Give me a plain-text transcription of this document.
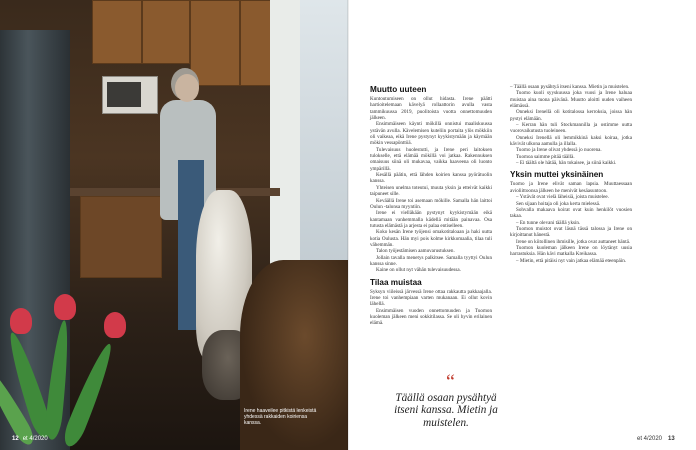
Irene haaveilee pitkistä lenkeistä yhdessä rakkaiden koiriensa kanssa.
12 et 4/2020
Muutto uuteen

Kuntoutumiseen on ollut hidasta. Irene päätti hartioitelemaan kävelyä rollaattorin avulla vasta tammikuussa 2019, puolitoista vuotta onnettomuuden jälkeen.

Ensimmäiseen käynti mökillä onnistui maaliskuussa ystävän avulla. Kävelemisen kuteliin portaita ylös mökkiin oli vaikeaa, eikä Irene pystynyt kyykistymään ja käymään mökin vessapönttöä.

Tulevaisuus huolestutti, ja Irene peri laitoksen tulokselle, että elämää mökillä voi jatkaa. Rakennuksen omaisuus siinä oli mukavaa, vaikka haaveena oli luonto ympärillä.

Kesällä päätin, että lähden koirien kanssa pyörätuolin kanssa.

Yhteisen unelma toteutui, muuta yksin ja etteivät kaikki taipuneet sille.

Keväällä Irene toi asemaan mökille. Samalla hän laittoi Oulun -talonsa myyntiin.

Irene ei vielläkään pystynyt kyykistymään eikä kantamaan vanhemmalla kädellä mitään painavaa. Osa tutusta elämästä ja arjesta ei palaa entiselleen.

Koko kesän Irene työjensi omakotitaloaan ja haki uutta kotia Oulusta. Hän myi pois kolme kirkkomaalia, tilaa tuli vähemmän.

Talon työjestämisen aamuvarustuksen.

Jollain tavalla menetys palkitsee. Samalla tyyttyi Oulun kanssa sinne.

Kaine on ollut nyt vähän tulevaisuudessa.

Tilaa muistaa

Syksyn viileissä järvessä Irene ottaa rakkautta pakkaajalla. Irene toi vanhempiaan varten mukanaan. Ei ollut kovin lähellä.

Ensimmäisen vuoden onnettomuuden ja Tuomon kuoleman jälkeen meni sokkitilassa. Se oli hyvin erilainen elämä.

“
Täällä osaan pysähtyä itseni kanssa. Mietin ja muistelen.

– Täällä osaan pysähtyä itseni kanssa. Mietin ja muistelen.

Tuomo kuoli syyskuussa joka vuosi ja Irene haluaa muistaa aina tuona päivänä. Muutto aloitti uuden vaiheen elämässä.

Onneksi Irenellä oli kotitalossa kerroksia, joissa hän pystyi elämään.

– Kerran hän tuli Stockmannilla ja ostimme uutta vuorovaikutusta tuoleineen.

Onneksi Irenellä oli lemmikkinä kaksi koiraa, jotka kävivät ulkona aamulla ja illalla.

Tuomo ja Irene olivat yhdessä jo nuorena.

Tuomoa saimme pitää täällä.

– Ei täältä ole hätää, hän tokaisee, ja siinä kaikki.

Yksin muttei yksinäinen

Tuomo ja Irene elivät saman lapsia. Muuttaessaan avioliittoonsa jälkeen he menivät kesäasuntoon.

– Ystävät ovat vielä läheisiä, joista muistelee.

Sen sijaan hoitaja oli joka kerta mielessä.

Sohvalla makaava koirat ovat kuin henkilöt vuosien takaa.

– En tunne olevani täällä yksin.

Tuomon muistot ovat läsnä tässä talossa ja Irene on kirjoittanut hänestä.

Irene on kiitollinen ihmisille, jotka ovat auttaneet häntä.

Tuomon kuoleman jälkeen Irene on löytänyt uusia harrastuksia. Hän kävi matkalla Kreikassa.

– Mietin, että pitäisi nyt vain jatkaa elämää eteenpäin.

et 4/2020 13
